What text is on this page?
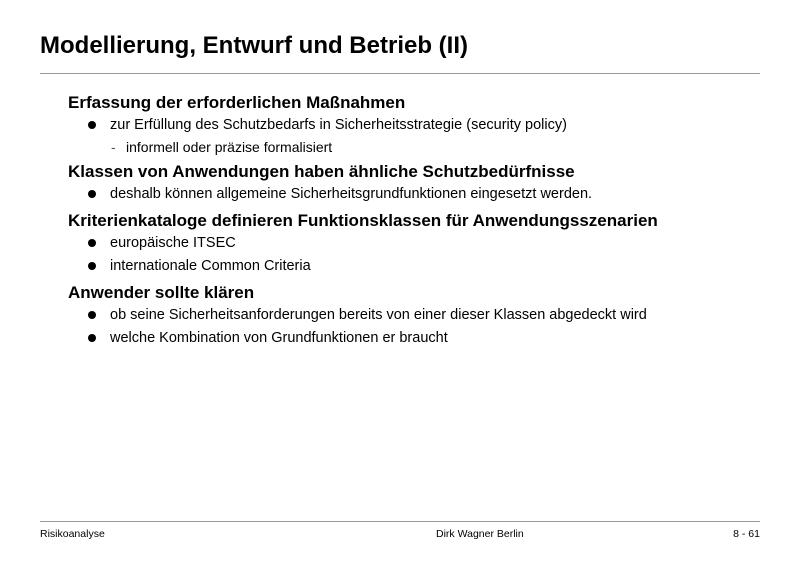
Modellierung, Entwurf und Betrieb (II)
Erfassung der erforderlichen Maßnahmen
zur Erfüllung des Schutzbedarfs in Sicherheitsstrategie (security policy)
- informell oder präzise formalisiert
Klassen von Anwendungen haben ähnliche Schutzbedürfnisse
deshalb können allgemeine Sicherheitsgrundfunktionen eingesetzt werden.
Kriterienkataloge definieren Funktionsklassen für Anwendungsszenarien
europäische ITSEC
internationale Common Criteria
Anwender sollte klären
ob seine Sicherheitsanforderungen bereits von einer dieser Klassen abgedeckt wird
welche Kombination von Grundfunktionen er braucht
Risikoanalyse	Dirk Wagner Berlin	8 - 61
